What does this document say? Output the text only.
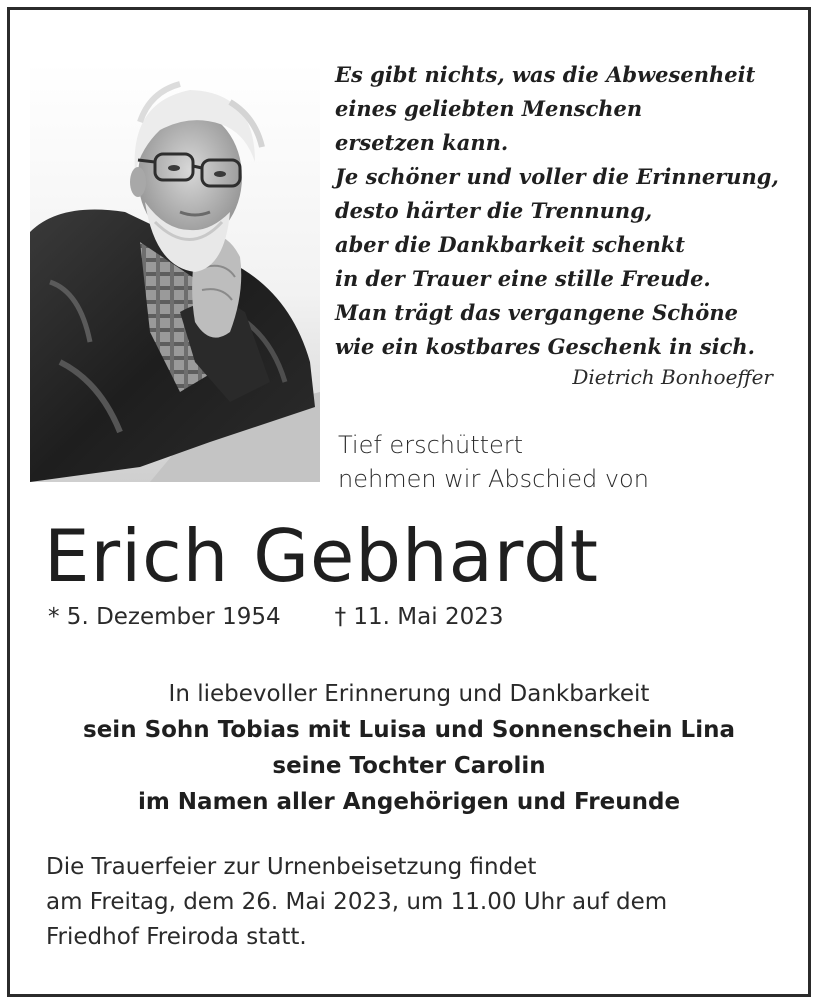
Es gibt nichts, was die Abwesenheit
eines geliebten Menschen
ersetzen kann.
Je schöner und voller die Erinnerung,
desto härter die Trennung,
aber die Dankbarkeit schenkt
in der Trauer eine stille Freude.
Man trägt das vergangene Schöne
wie ein kostbares Geschenk in sich.
Dietrich Bonhoeffer
Tief erschüttert
nehmen wir Abschied von
Erich Gebhardt
* 5. Dezember 1954 † 11. Mai 2023
In liebevoller Erinnerung und Dankbarkeit
sein Sohn Tobias mit Luisa und Sonnenschein Lina
seine Tochter Carolin
im Namen aller Angehörigen und Freunde
Die Trauerfeier zur Urnenbeisetzung findet
am Freitag, dem 26. Mai 2023, um 11.00 Uhr auf dem
Friedhof Freiroda statt.
